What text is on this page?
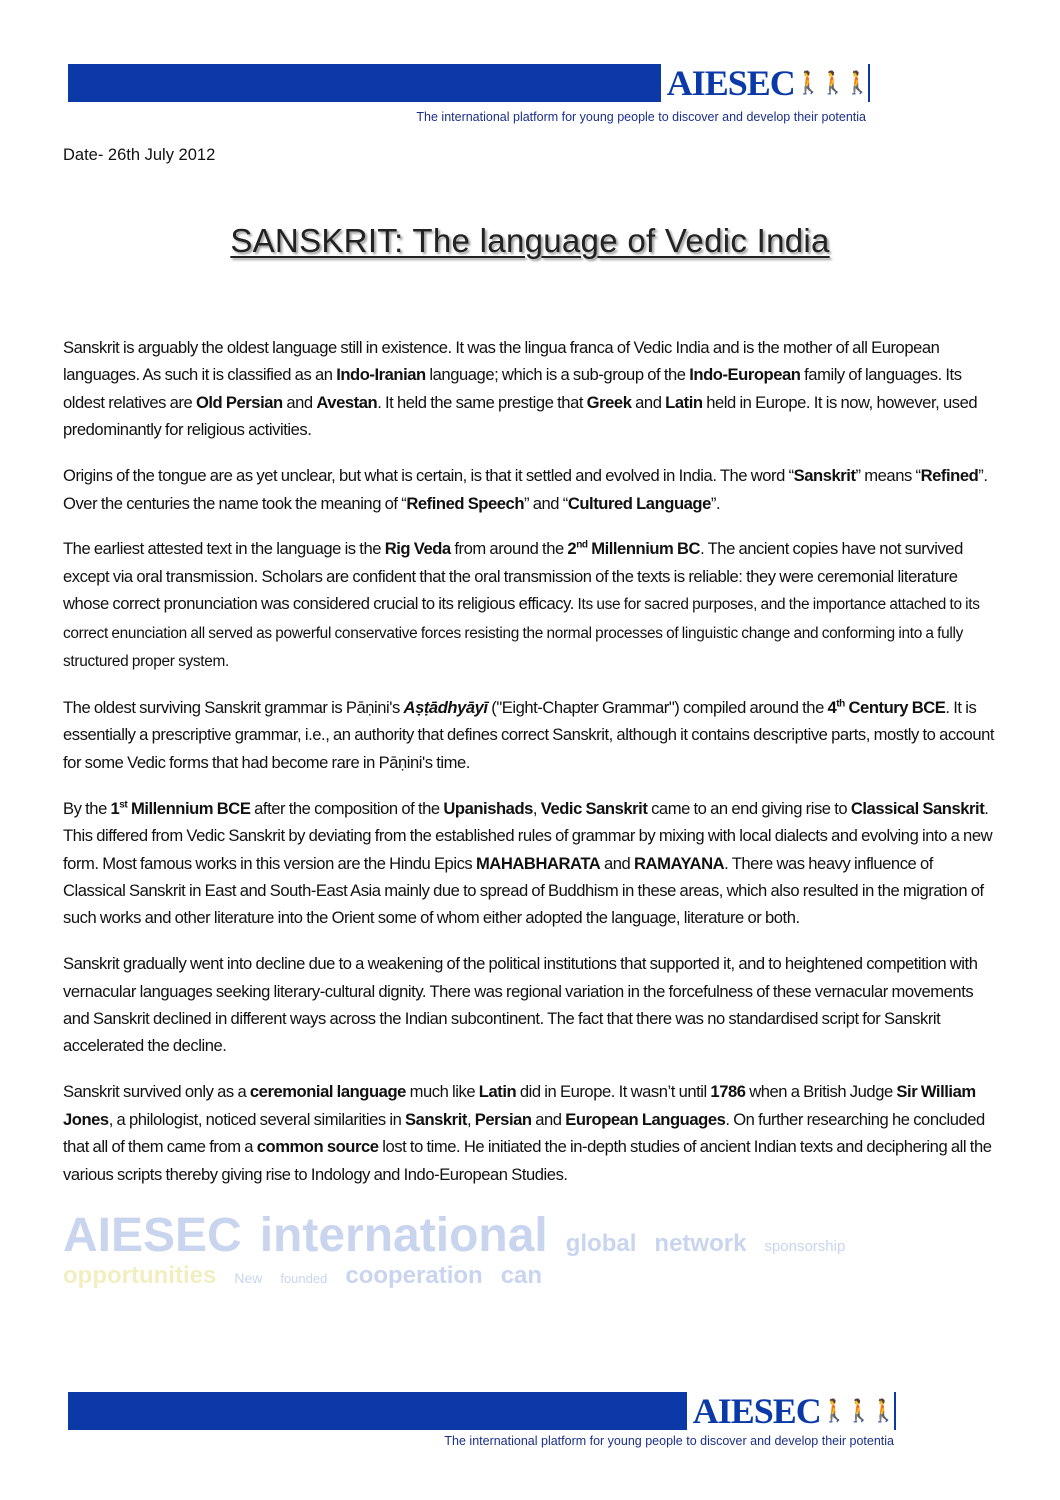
AIESEC 🚶🚶🚶
The international platform for young people to discover and develop their potentia
Date- 26th July 2012
SANSKRIT: The language of Vedic India

Sanskrit is arguably the oldest language still in existence. It was the lingua franca of Vedic India and is the mother of all European languages. As such it is classified as an Indo-Iranian language; which is a sub-group of the Indo-European family of languages. Its oldest relatives are Old Persian and Avestan. It held the same prestige that Greek and Latin held in Europe. It is now, however, used predominantly for religious activities.

Origins of the tongue are as yet unclear, but what is certain, is that it settled and evolved in India. The word “Sanskrit” means “Refined”. Over the centuries the name took the meaning of “Refined Speech” and “Cultured Language”.

The earliest attested text in the language is the Rig Veda from around the 2nd Millennium BC. The ancient copies have not survived except via oral transmission. Scholars are confident that the oral transmission of the texts is reliable: they were ceremonial literature whose correct pronunciation was considered crucial to its religious efficacy. Its use for sacred purposes, and the importance attached to its correct enunciation all served as powerful conservative forces resisting the normal processes of linguistic change and conforming into a fully structured proper system.

The oldest surviving Sanskrit grammar is Pāṇini's Aṣṭādhyāyī ("Eight-Chapter Grammar") compiled around the 4th Century BCE. It is essentially a prescriptive grammar, i.e., an authority that defines correct Sanskrit, although it contains descriptive parts, mostly to account for some Vedic forms that had become rare in Pāṇini's time.

By the 1st Millennium BCE after the composition of the Upanishads, Vedic Sanskrit came to an end giving rise to Classical Sanskrit. This differed from Vedic Sanskrit by deviating from the established rules of grammar by mixing with local dialects and evolving into a new form. Most famous works in this version are the Hindu Epics MAHABHARATA and RAMAYANA. There was heavy influence of Classical Sanskrit in East and South-East Asia mainly due to spread of Buddhism in these areas, which also resulted in the migration of such works and other literature into the Orient some of whom either adopted the language, literature or both.

Sanskrit gradually went into decline due to a weakening of the political institutions that supported it, and to heightened competition with vernacular languages seeking literary-cultural dignity. There was regional variation in the forcefulness of these vernacular movements and Sanskrit declined in different ways across the Indian subcontinent. The fact that there was no standardised script for Sanskrit accelerated the decline.

Sanskrit survived only as a ceremonial language much like Latin did in Europe. It wasn’t until 1786 when a British Judge Sir William Jones, a philologist, noticed several similarities in Sanskrit, Persian and European Languages. On further researching he concluded that all of them came from a common source lost to time. He initiated the in-depth studies of ancient Indian texts and deciphering all the various scripts thereby giving rise to Indology and Indo-European Studies.

AIESEC international global network sponsorship
opportunities New founded cooperation can
AIESEC 🚶🚶🚶
The international platform for young people to discover and develop their potentia
